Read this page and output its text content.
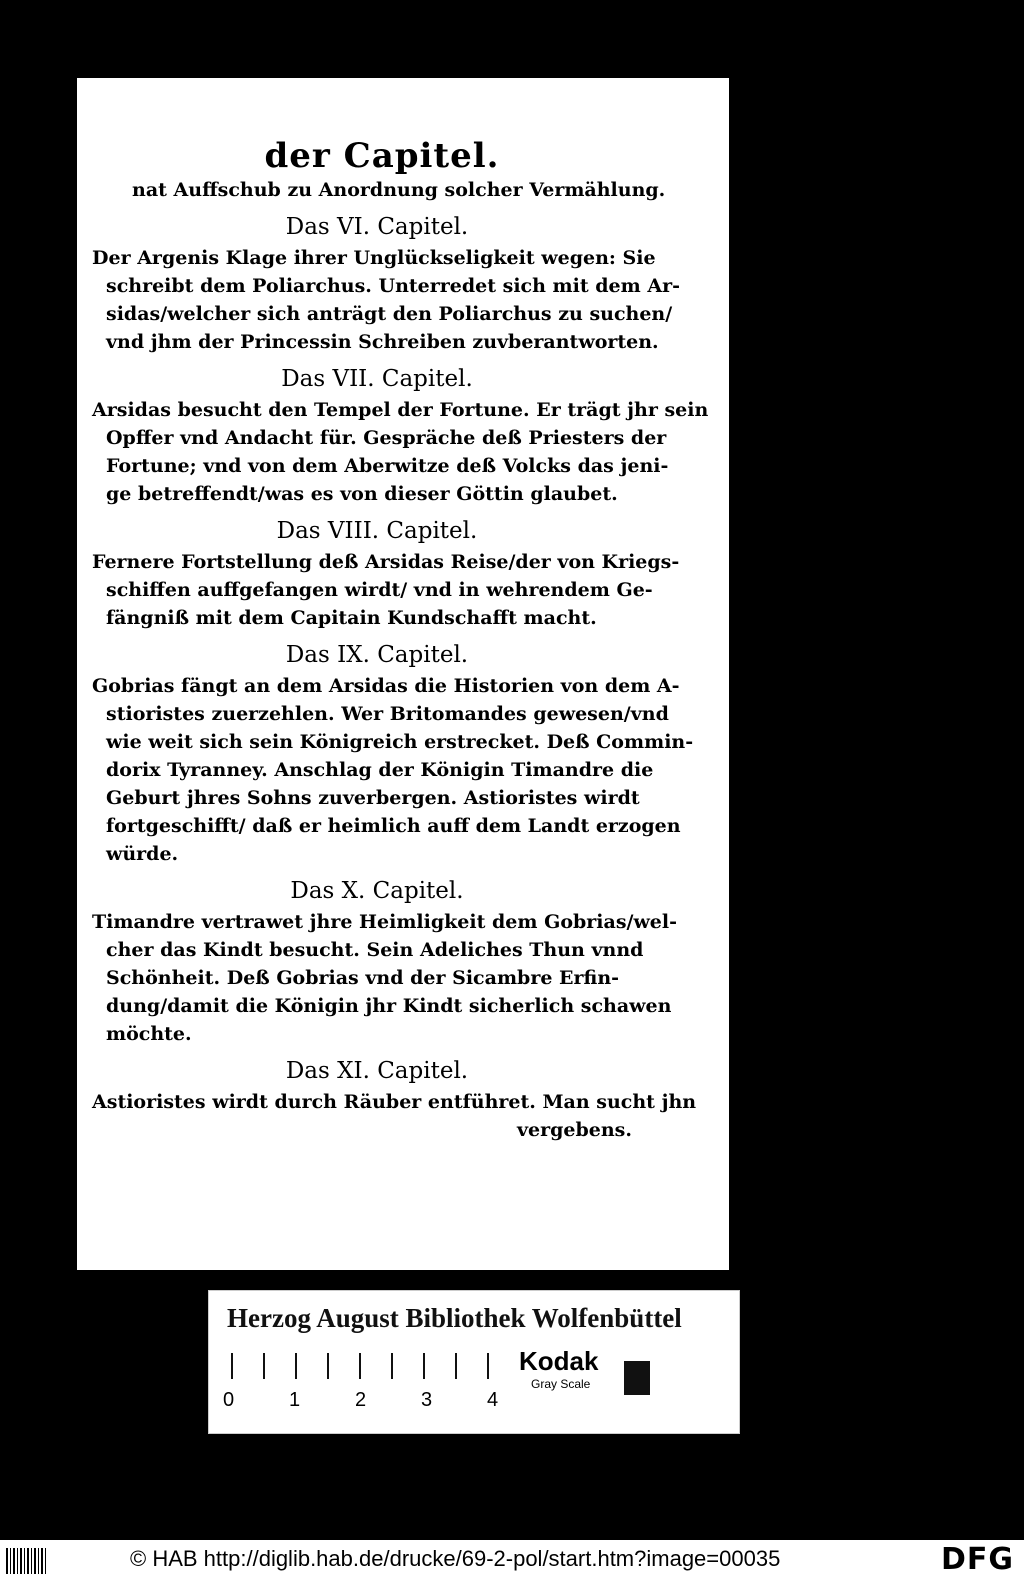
der Capitel.
nat Auffschub zu Anordnung solcher Vermählung.
Das VI. Capitel.
Der Argenis Klage ihrer Unglückseligkeit wegen: Sie
schreibt dem Poliarchus. Unterredet sich mit dem Ar-
sidas/welcher sich anträgt den Poliarchus zu suchen/
vnd jhm der Princessin Schreiben zuvberantworten.
Das VII. Capitel.
Arsidas besucht den Tempel der Fortune. Er trägt jhr sein
Opffer vnd Andacht für. Gespräche deß Priesters der
Fortune; vnd von dem Aberwitze deß Volcks das jeni-
ge betreffendt/was es von dieser Göttin glaubet.
Das VIII. Capitel.
Fernere Fortstellung deß Arsidas Reise/der von Kriegs-
schiffen auffgefangen wirdt/ vnd in wehrendem Ge-
fängniß mit dem Capitain Kundschafft macht.
Das IX. Capitel.
Gobrias fängt an dem Arsidas die Historien von dem A-
stioristes zuerzehlen. Wer Britomandes gewesen/vnd
wie weit sich sein Königreich erstrecket. Deß Commin-
dorix Tyranney. Anschlag der Königin Timandre die
Geburt jhres Sohns zuverbergen. Astioristes wirdt
fortgeschifft/ daß er heimlich auff dem Landt erzogen
würde.
Das X. Capitel.
Timandre vertrawet jhre Heimligkeit dem Gobrias/wel-
cher das Kindt besucht. Sein Adeliches Thun vnnd
Schönheit. Deß Gobrias vnd der Sicambre Erfin-
dung/damit die Königin jhr Kindt sicherlich schawen
möchte.
Das XI. Capitel.
Astioristes wirdt durch Räuber entführet. Man sucht jhn
vergebens.
Herzog August Bibliothek Wolfenbüttel
0	1	2	3	4
Kodak
Gray Scale
© HAB http://diglib.hab.de/drucke/69-2-pol/start.htm?image=00035	DFG
